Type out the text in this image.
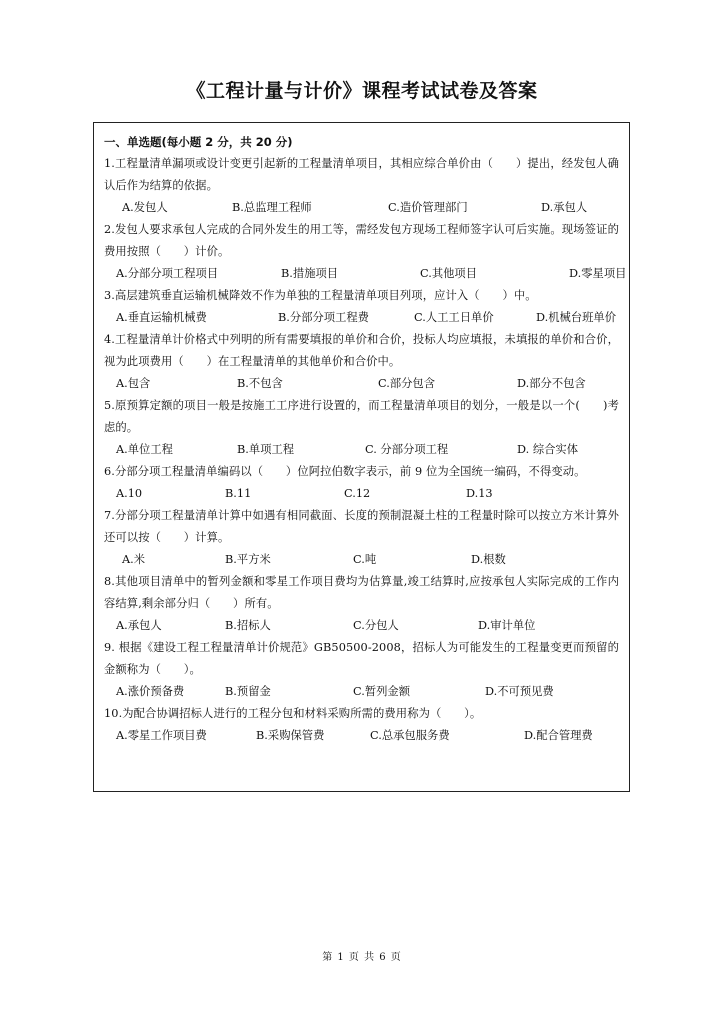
《工程计量与计价》课程考试试卷及答案
一、单选题(每小题 2 分，共 20 分)
1.工程量清单漏项或设计变更引起新的工程量清单项目，其相应综合单价由（　　）提出，经发包人确认后作为结算的依据。
A.发包人	B.总监理工程师	C.造价管理部门	D.承包人
2.发包人要求承包人完成的合同外发生的用工等，需经发包方现场工程师签字认可后实施。现场签证的费用按照（　　）计价。
A.分部分项工程项目	B.措施项目	C.其他项目	D.零星项目
3.高层建筑垂直运输机械降效不作为单独的工程量清单项目列项，应计入（　　）中。
A.垂直运输机械费	B.分部分项工程费	C.人工工日单价	D.机械台班单价
4.工程量清单计价格式中列明的所有需要填报的单价和合价，投标人均应填报，未填报的单价和合价，视为此项费用（　　）在工程量清单的其他单价和合价中。
A.包含	B.不包含	C.部分包含	D.部分不包含
5.原预算定额的项目一般是按施工工序进行设置的，而工程量清单项目的划分，一般是以一个(　　)考虑的。
A.单位工程	B.单项工程	C. 分部分项工程	D. 综合实体
6.分部分项工程量清单编码以（　　）位阿拉伯数字表示，前 9 位为全国统一编码，不得变动。
A.10	B.11	C.12	D.13
7.分部分项工程量清单计算中如遇有相同截面、长度的预制混凝土柱的工程量时除可以按立方米计算外还可以按（　　）计算。
A.米	B.平方米	C.吨	D.根数
8.其他项目清单中的暂列金额和零星工作项目费均为估算量,竣工结算时,应按承包人实际完成的工作内容结算,剩余部分归（　　）所有。
A.承包人	B.招标人	C.分包人	D.审计单位
9. 根据《建设工程工程量清单计价规范》GB50500-2008，招标人为可能发生的工程量变更而预留的金额称为（　　）。
A.涨价预备费	B.预留金	C.暂列金额	D.不可预见费
10.为配合协调招标人进行的工程分包和材料采购所需的费用称为（　　）。
A.零星工作项目费	B.采购保管费	C.总承包服务费	D.配合管理费
第 1 页 共 6 页
